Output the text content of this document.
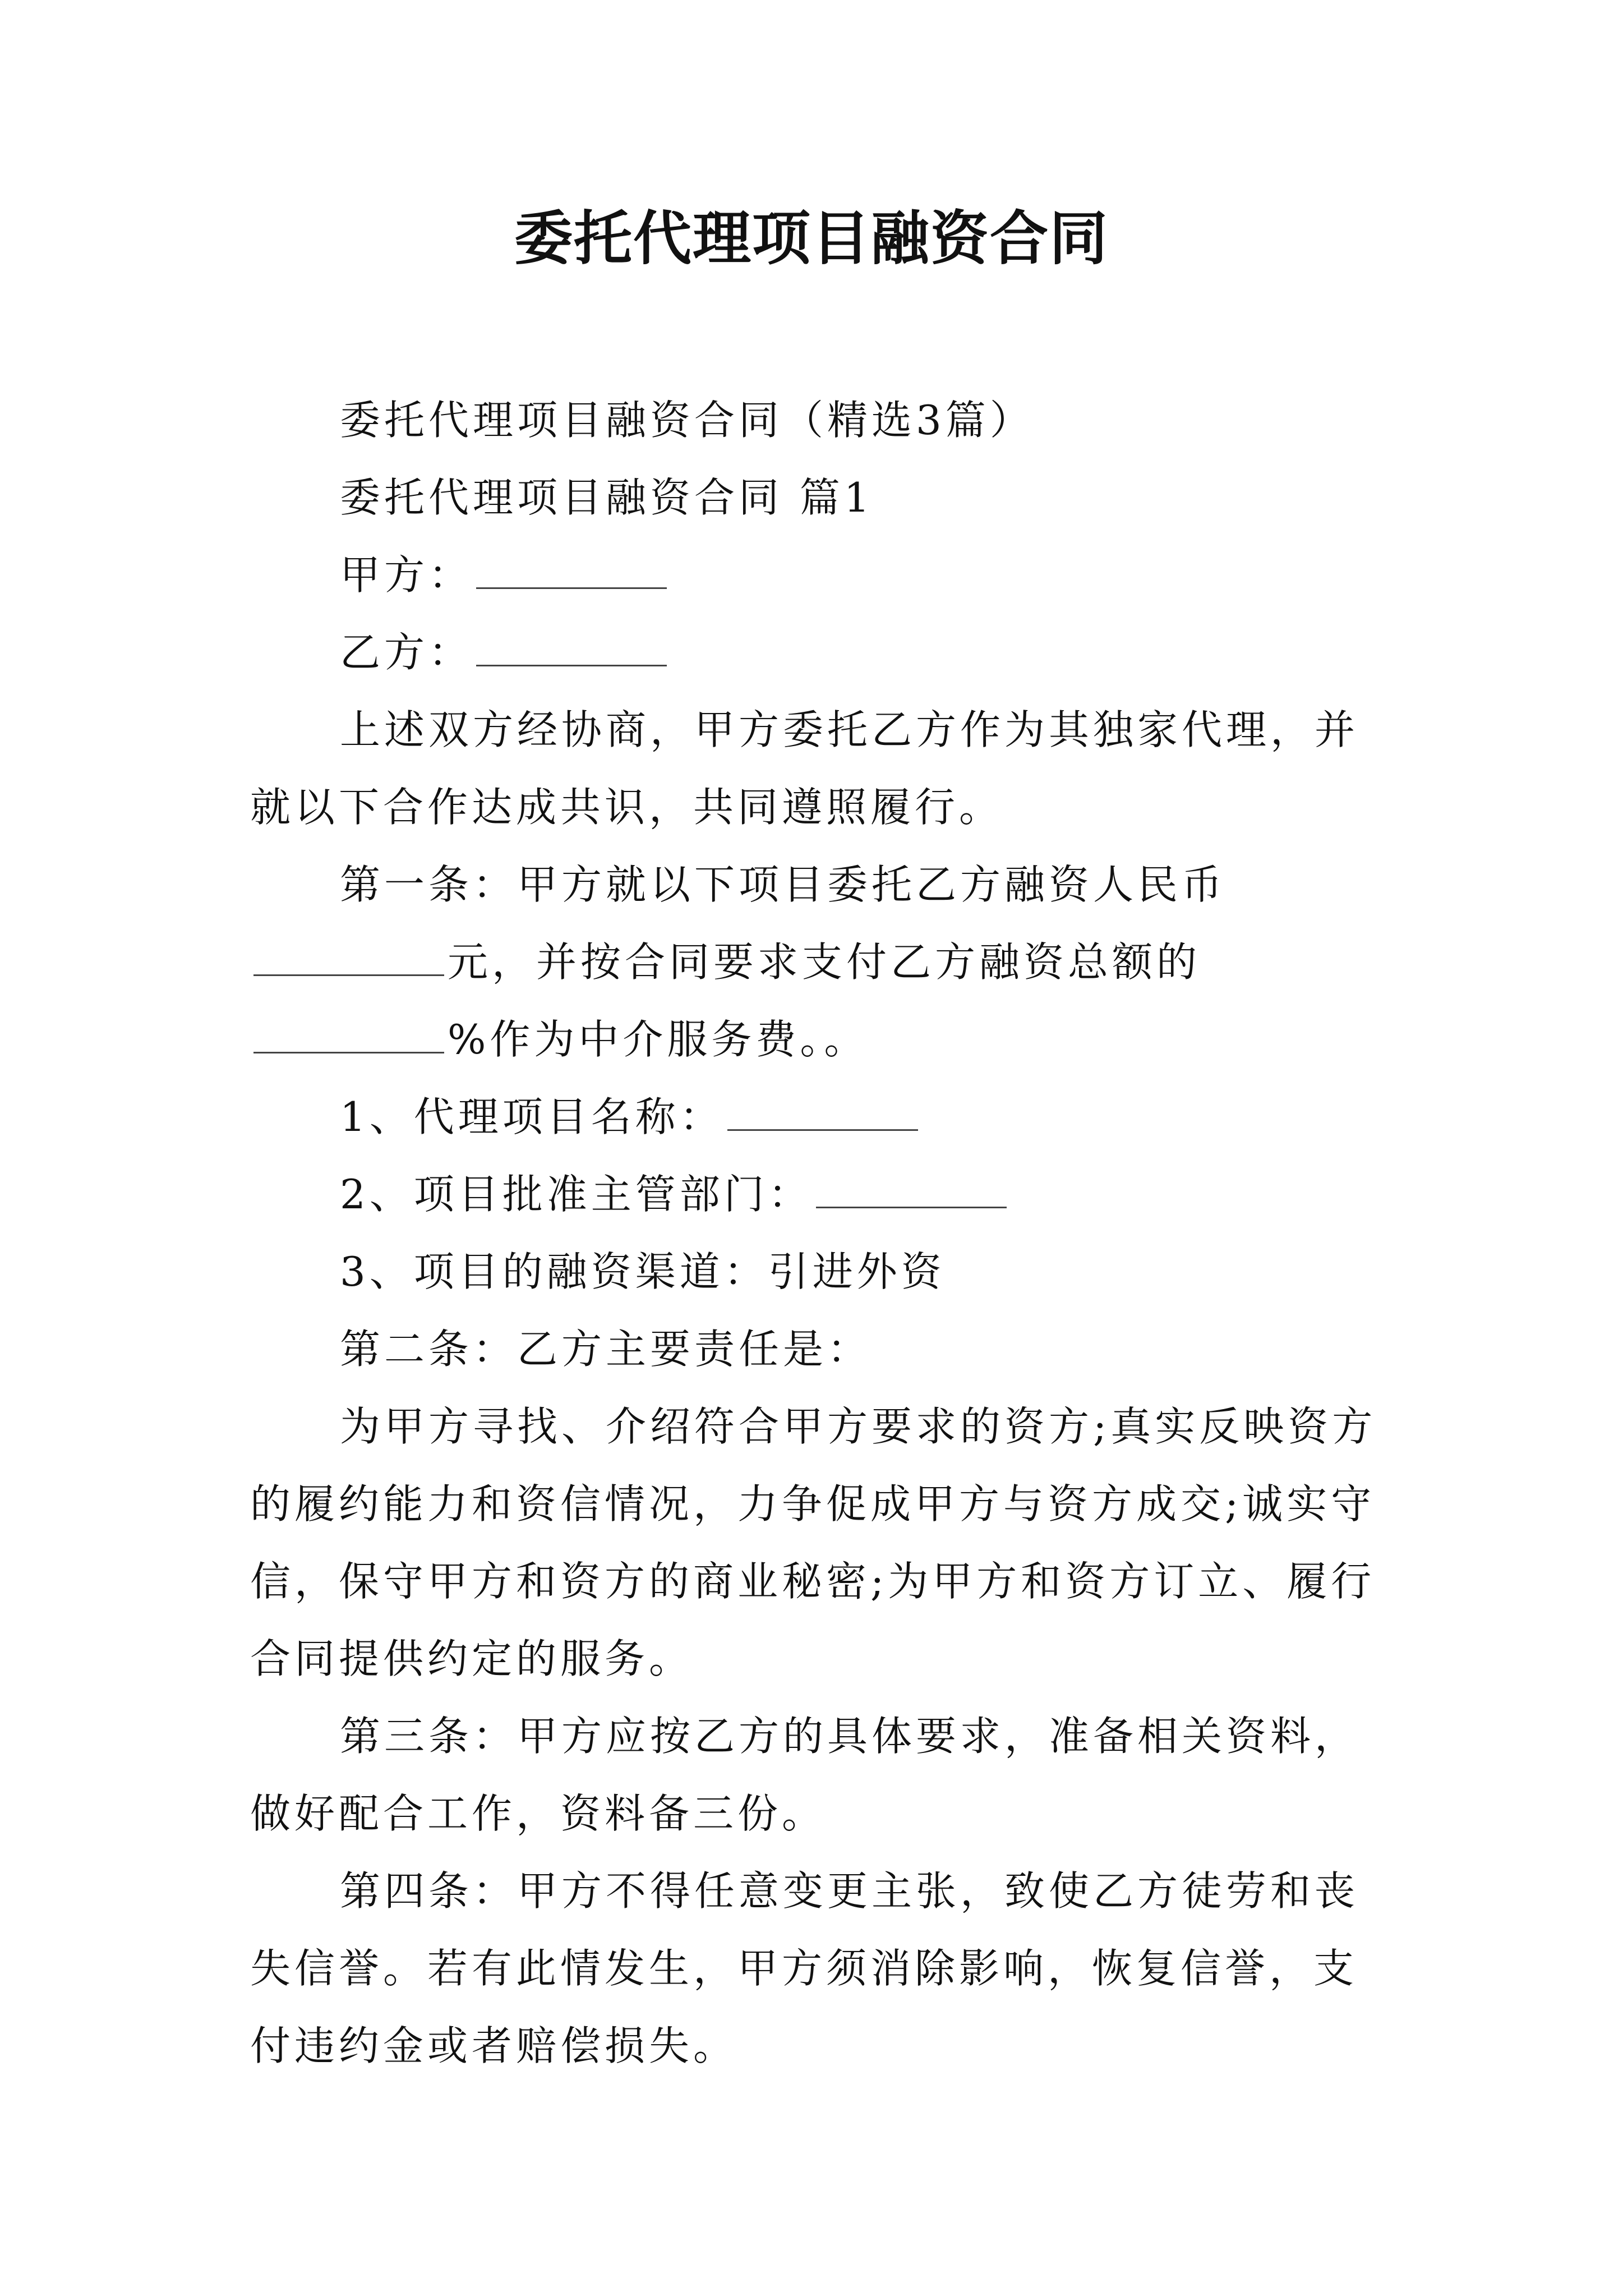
委托代理项目融资合同

委托代理项目融资合同（精选3篇）

委托代理项目融资合同 篇1

甲方：

乙方：

上述双方经协商，甲方委托乙方作为其独家代理，并就以下合作达成共识，共同遵照履行。

第一条：甲方就以下项目委托乙方融资人民币元，并按合同要求支付乙方融资总额的%作为中介服务费。。

1、代理项目名称：

2、项目批准主管部门：

3、项目的融资渠道：引进外资

第二条：乙方主要责任是：

为甲方寻找、介绍符合甲方要求的资方;真实反映资方的履约能力和资信情况，力争促成甲方与资方成交;诚实守信，保守甲方和资方的商业秘密;为甲方和资方订立、履行合同提供约定的服务。

第三条：甲方应按乙方的具体要求，准备相关资料，做好配合工作，资料备三份。

第四条：甲方不得任意变更主张，致使乙方徒劳和丧失信誉。若有此情发生，甲方须消除影响，恢复信誉，支付违约金或者赔偿损失。
